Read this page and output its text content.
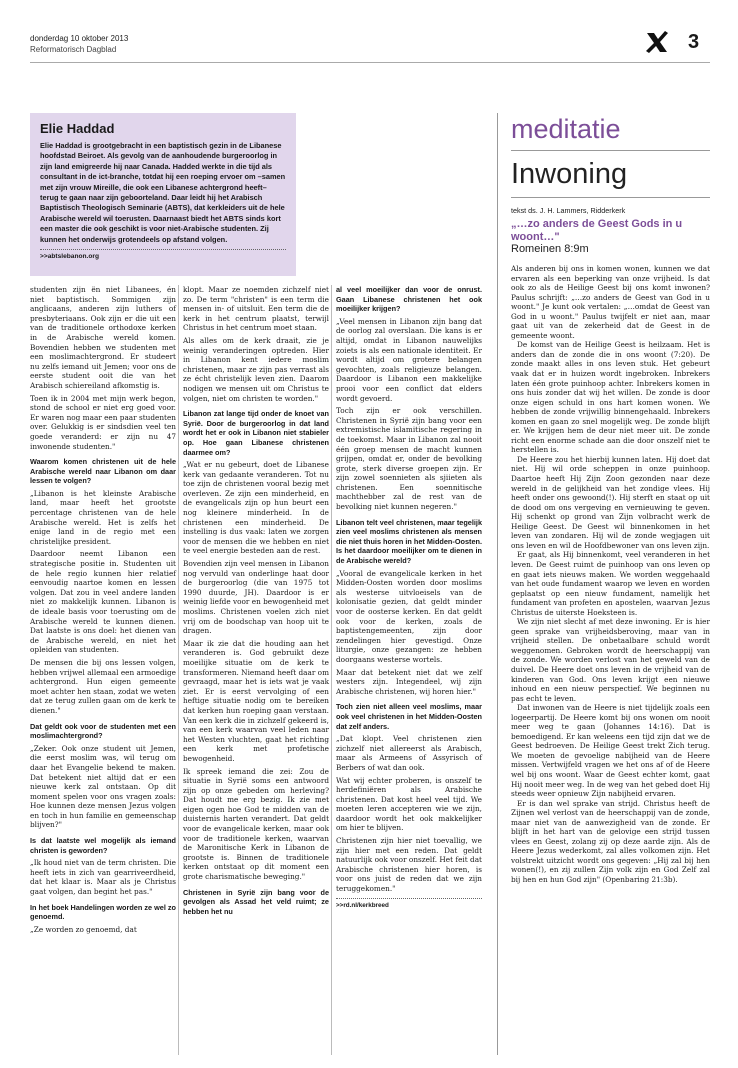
donderdag 10 oktober 2013
Reformatorisch Dagblad	3
Elie Haddad

Elie Haddad is grootgebracht in een baptistisch gezin in de Libanese hoofdstad Beiroet. Als gevolg van de aanhoudende burgeroorlog in zijn land emigreerde hij naar Canada. Hadded werkte in die tijd als consultant in de ict-branche, totdat hij een roeping ervoer om –samen met zijn vrouw Mireille, die ook een Libanese achtergrond heeft– terug te gaan naar zijn geboorteland. Daar leidt hij het Arabisch Baptistisch Theologisch Seminarie (ABTS), dat kerkleiders uit de hele Arabische wereld wil toerusten. Daarnaast biedt het ABTS sinds kort een master die ook geschikt is voor niet-Arabische studenten. Zij kunnen het onderwijs grotendeels op afstand volgen.

>>abtslebanon.org

studenten zijn ën niet Libanees, én niet baptistisch. Sommigen zijn anglicaans, anderen zijn luthers of presbyteriaans. Ook zijn er die uit een van de traditionele orthodoxe kerken in de Arabische wereld komen. Bovendien hebben we studenten met een moslimachtergrond. Er studeert nu zelfs iemand uit Jemen; voor ons de eerste student ooit die van het Arabisch schiereiland afkomstig is.

Toen ik in 2004 met mijn werk begon, stond de school er niet erg goed voor. Er waren nog maar een paar studenten over. Gelukkig is er sindsdien veel ten goede veranderd: er zijn nu 47 inwonende studenten."

Waarom komen christenen uit de hele Arabische wereld naar Libanon om daar lessen te volgen?

„Libanon is het kleinste Arabische land, maar heeft het grootste percentage christenen van de hele Arabische wereld. Het is zelfs het enige land in de regio met een christelijke president.

Daardoor neemt Libanon een strategische positie in. Studenten uit de hele regio kunnen hier relatief eenvoudig naartoe komen en lessen volgen. Dat zou in veel andere landen niet zo makkelijk kunnen. Libanon is de ideale basis voor toerusting om de Arabische wereld te kunnen dienen. Dat laatste is ons doel: het dienen van de Arabische wereld, en niet het opleiden van studenten.

De mensen die bij ons lessen volgen, hebben vrijwel allemaal een armoedige achtergrond. Hun eigen gemeente moet achter hen staan, zodat we weten dat ze terug zullen gaan om de kerk te dienen."

Dat geldt ook voor de studenten met een moslimachtergrond?

„Zeker. Ook onze student uit Jemen, die eerst moslim was, wil terug om daar het Evangelie bekend te maken. Dat betekent niet altijd dat er een nieuwe kerk zal ontstaan. Op dit moment spelen voor ons vragen zoals: Hoe kunnen deze mensen Jezus volgen en toch in hun familie en gemeenschap blijven?"

Is dat laatste wel mogelijk als iemand christen is geworden?

„Ik houd niet van de term christen. Die heeft iets in zich van gearriveerdheid, dat het klaar is. Maar als je Christus gaat volgen, dan begint het pas."

In het boek Handelingen worden ze wel zo genoemd.

„Ze worden zo genoemd, dat

klopt. Maar ze noemden zichzelf niet zo. De term "christen" is een term die mensen in- of uitsluit. Een term die de kerk in het centrum plaatst, terwijl Christus in het centrum moet staan.

Als alles om de kerk draait, zie je weinig veranderingen optreden. Hier in Libanon kent iedere moslim christenen, maar ze zijn pas verrast als ze écht christelijk leven zien. Daarom nodigen we mensen uit om Christus te volgen, niet om christen te worden."

Libanon zat lange tijd onder de knoet van Syrië. Door de burgeroorlog in dat land wordt het er ook in Libanon niet stabieler op. Hoe gaan Libanese christenen daarmee om?

„Wat er nu gebeurt, doet de Libanese kerk van gedaante veranderen. Tot nu toe zijn de christenen vooral bezig met overleven. Ze zijn een minderheid, en de evangelicals zijn op hun beurt een nog kleinere minderheid. In de christenen een minderheid. De instelling is dus vaak: laten we zorgen voor de mensen die we hebben en niet te veel energie besteden aan de rest.

Bovendien zijn veel mensen in Libanon nog vervuld van onderlinge haat door de burgeroorlog (die van 1975 tot 1990 duurde, JH). Daardoor is er weinig liefde voor en bewogenheid met moslims. Christenen voelen zich niet vrij om de boodschap van hoop uit te dragen.

Maar ik zie dat die houding aan het veranderen is. God gebruikt deze moeilijke situatie om de kerk te transformeren. Niemand heeft daar om gevraagd, maar het is iets wat je vaak ziet. Er is eerst vervolging of een heftige situatie nodig om te bereiken dat kerken hun roeping gaan verstaan. Van een kerk die in zichzelf gekeerd is, van een kerk waarvan veel leden naar het Westen vluchten, gaat het richting een kerk met profetische bewogenheid.

Ik spreek iemand die zei: Zou de situatie in Syrië soms een antwoord zijn op onze gebeden om herleving? Dat houdt me erg bezig. Ik zie met eigen ogen hoe God te midden van de duisternis harten verandert. Dat geldt voor de evangelicale kerken, maar ook voor de traditionele kerken, waarvan de Maronitische Kerk in Libanon de grootste is. Binnen de traditionele kerken ontstaat op dit moment een grote charismatische beweging."

Christenen in Syrië zijn bang voor de gevolgen als Assad het veld ruimt; ze hebben het nu

al veel moeilijker dan voor de onrust. Gaan Libanese christenen het ook moeilijker krijgen?

„Veel mensen in Libanon zijn bang dat de oorlog zal overslaan. Die kans is er altijd, omdat in Libanon nauwelijks zoiets is als een nationale identiteit. Er wordt altijd om grotere belangen gevochten, zoals religieuze belangen. Daardoor is Libanon een makkelijke prooi voor een conflict dat elders wordt gevoerd.

Toch zijn er ook verschillen. Christenen in Syrië zijn bang voor een extremistische islamitische regering in de toekomst. Maar in Libanon zal nooit één groep mensen de macht kunnen grijpen, omdat er, onder de bevolking grote, sterk diverse groepen zijn. Er zijn zowel soennieten als sjiieten als christenen. Een soennitische machthebber zal de rest van de bevolking niet kunnen negeren."

Libanon telt veel christenen, maar tegelijk zien veel moslims christenen als mensen die niet thuis horen in het Midden-Oosten. Is het daardoor moeilijker om te dienen in de Arabische wereld?

„Vooral de evangelicale kerken in het Midden-Oosten worden door moslims als westerse uitvloeisels van de kolonisatie gezien, dat geldt minder voor de oosterse kerken. En dat geldt ook voor de kerken, zoals de baptistengemeenten, zijn door zendelingen hier gevestigd. Onze liturgie, onze gezangen: ze hebben doorgaans westerse wortels.

Maar dat betekent niet dat we zelf westers zijn. Integendeel, wij zijn Arabische christenen, wij horen hier."

Toch zien niet alleen veel moslims, maar ook veel christenen in het Midden-Oosten dat zelf anders.

„Dat klopt. Veel christenen zien zichzelf niet allereerst als Arabisch, maar als Armeens of Assyrisch of Berbers of wat dan ook.

Wat wij echter proberen, is onszelf te herdefiniëren als Arabische christenen. Dat kost heel veel tijd. We moeten leren accepteren wie we zijn, daardoor wordt het ook makkelijker om hier te blijven.

Christenen zijn hier niet toevallig, we zijn hier met een reden. Dat geldt natuurlijk ook voor onszelf. Het feit dat Arabische christenen hier horen, is voor ons juist de reden dat we zijn teruggekomen."

>>rd.nl/kerkbreed
meditatie
Inwoning
tekst ds. J. H. Lammers, Ridderkerk
„…zo anders de Geest Gods in u woont…"
Romeinen 8:9m

Als anderen bij ons in komen wonen, kunnen we dat ervaren als een beperking van onze vrijheid. Is dat ook zo als de Heilige Geest bij ons komt inwonen? Paulus schrijft: „…zo anders de Geest van God in u woont." Je kunt ook vertalen: „…omdat de Geest van God in u woont." Paulus twijfelt er niet aan, maar gaat uit van de zekerheid dat de Geest in de gemeente woont.

De komst van de Heilige Geest is heilzaam. Het is anders dan de zonde die in ons woont (7:20). De zonde maakt alles in ons leven stuk. Het gebeurt vaak dat er in huizen wordt ingebroken. Inbrekers laten één grote puinhoop achter. Inbrekers komen in ons huis zonder dat wij het willen. De zonde is door onze eigen schuld in ons hart komen wonen. We hebben de zonde vrijwillig binnengehaald. Inbrekers komen en gaan zo snel mogelijk weg. De zonde blijft er. We krijgen hem de deur niet meer uit. De zonde richt een enorme schade aan die door onszelf niet te herstellen is.

De Heere zou het hierbij kunnen laten. Hij doet dat niet. Hij wil orde scheppen in onze puinhoop. Daartoe heeft Hij Zijn Zoon gezonden naar deze wereld in de gelijkheid van het zondige vlees. Hij heeft onder ons gewoond(!). Hij sterft en staat op uit de dood om ons vergeving en vernieuwing te geven. Hij schenkt op grond van Zijn volbracht werk de Heilige Geest. De Geest wil binnenkomen in het leven van zondaren. Hij wil de zonde wegjagen uit ons leven en wil de Hoofdbewoner van ons leven zijn.

Er gaat, als Hij binnenkomt, veel veranderen in het leven. De Geest ruimt de puinhoop van ons leven op en gaat iets nieuws maken. We worden weggehaald van het oude fundament waarop we leven en worden geplaatst op een nieuw fundament, namelijk het fundament van profeten en apostelen, waarvan Jezus Christus de uiterste Hoeksteen is.

We zijn niet slecht af met deze inwoning. Er is hier geen sprake van vrijheidsberoving, maar van in vrijheid stellen. De onbetaalbare schuld wordt weggenomen. Gebroken wordt de heerschappij van de zonde. We worden verlost van het geweld van de duivel. De Heere doet ons leven in de vrijheid van de kinderen van God. Ons leven krijgt een nieuwe inhoud en een nieuw perspectief. We beginnen nu pas echt te leven.

Dat inwonen van de Heere is niet tijdelijk zoals een logeerpartij. De Heere komt bij ons wonen om nooit meer weg te gaan (Johannes 14:16). Dat is bemoedigend. Er kan weleens een tijd zijn dat we de Geest bedroeven. De Heilige Geest trekt Zich terug. We moeten de gevoelige nabijheid van de Heere missen. Vertwijfeld vragen we het ons af of de Heere wel bij ons woont. Waar de Geest echter komt, gaat Hij nooit meer weg. In de weg van het gebed doet Hij steeds weer opnieuw Zijn nabijheid ervaren.

Er is dan wel sprake van strijd. Christus heeft de Zijnen wel verlost van de heerschappij van de zonde, maar niet van de aanwezigheid van de zonde. Er blijft in het hart van de gelovige een strijd tussen vlees en Geest, zolang zij op deze aarde zijn. Als de Heere Jezus wederkomt, zal alles volkomen zijn. Het volstrekt uitzicht wordt ons gegeven: „Hij zal bij hen wonen(!), en zij zullen Zijn volk zijn en God Zelf zal bij hen en hun God zijn" (Openbaring 21:3b).
